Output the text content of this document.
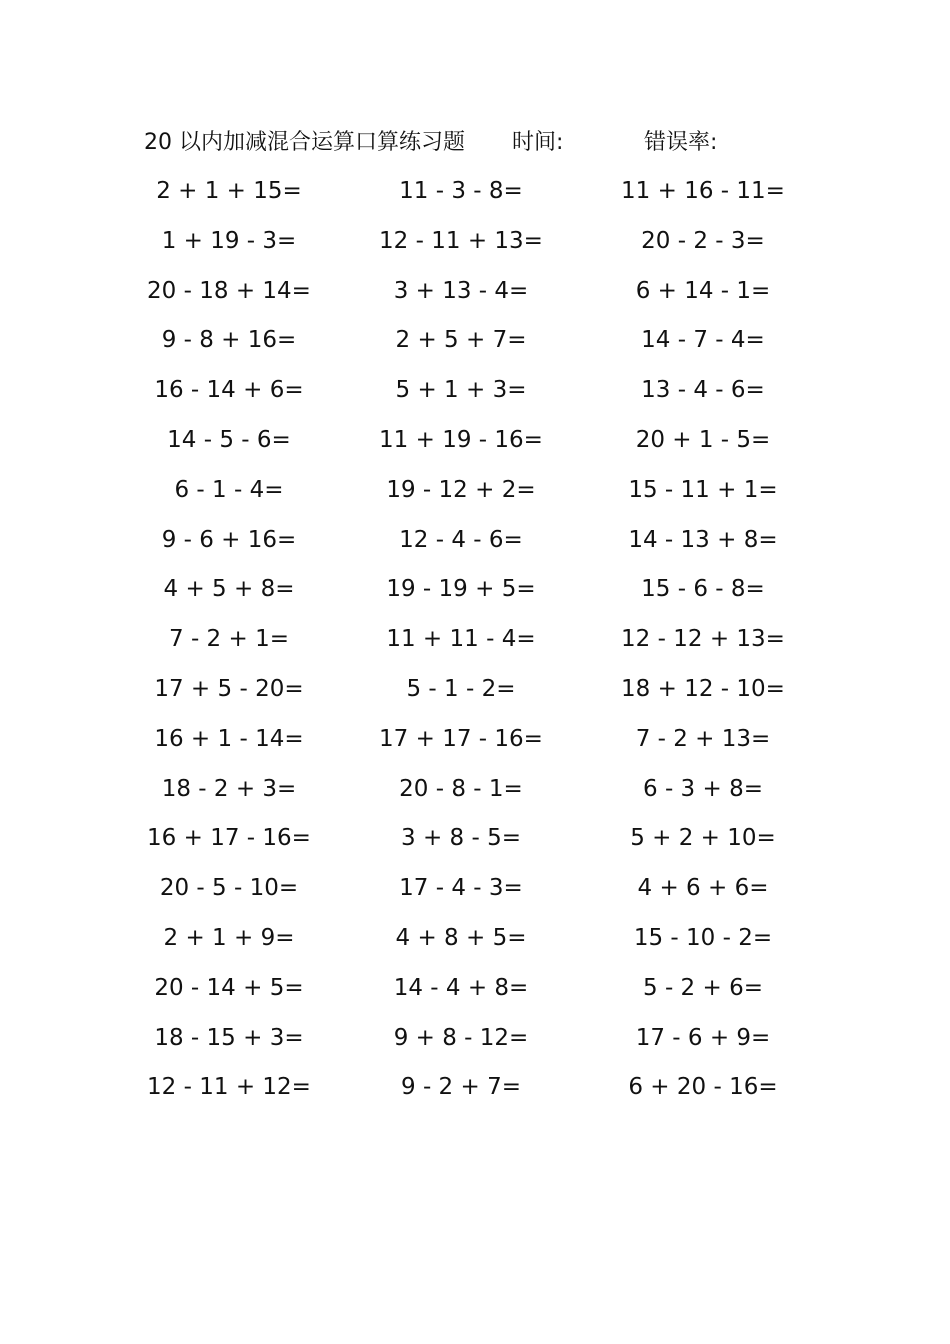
20 以内加减混合运算口算练习题 时间:	错误率:
2 + 1 + 15=	11 - 3 - 8=	11 + 16 - 11=
1 + 19 - 3=	12 - 11 + 13=	20 - 2 - 3=
20 - 18 + 14=	3 + 13 - 4=	6 + 14 - 1=
9 - 8 + 16=	2 + 5 + 7=	14 - 7 - 4=
16 - 14 + 6=	5 + 1 + 3=	13 - 4 - 6=
14 - 5 - 6=	11 + 19 - 16=	20 + 1 - 5=
6 - 1 - 4=	19 - 12 + 2=	15 - 11 + 1=
9 - 6 + 16=	12 - 4 - 6=	14 - 13 + 8=
4 + 5 + 8=	19 - 19 + 5=	15 - 6 - 8=
7 - 2 + 1=	11 + 11 - 4=	12 - 12 + 13=
17 + 5 - 20=	5 - 1 - 2=	18 + 12 - 10=
16 + 1 - 14=	17 + 17 - 16=	7 - 2 + 13=
18 - 2 + 3=	20 - 8 - 1=	6 - 3 + 8=
16 + 17 - 16=	3 + 8 - 5=	5 + 2 + 10=
20 - 5 - 10=	17 - 4 - 3=	4 + 6 + 6=
2 + 1 + 9=	4 + 8 + 5=	15 - 10 - 2=
20 - 14 + 5=	14 - 4 + 8=	5 - 2 + 6=
18 - 15 + 3=	9 + 8 - 12=	17 - 6 + 9=
12 - 11 + 12=	9 - 2 + 7=	6 + 20 - 16=
